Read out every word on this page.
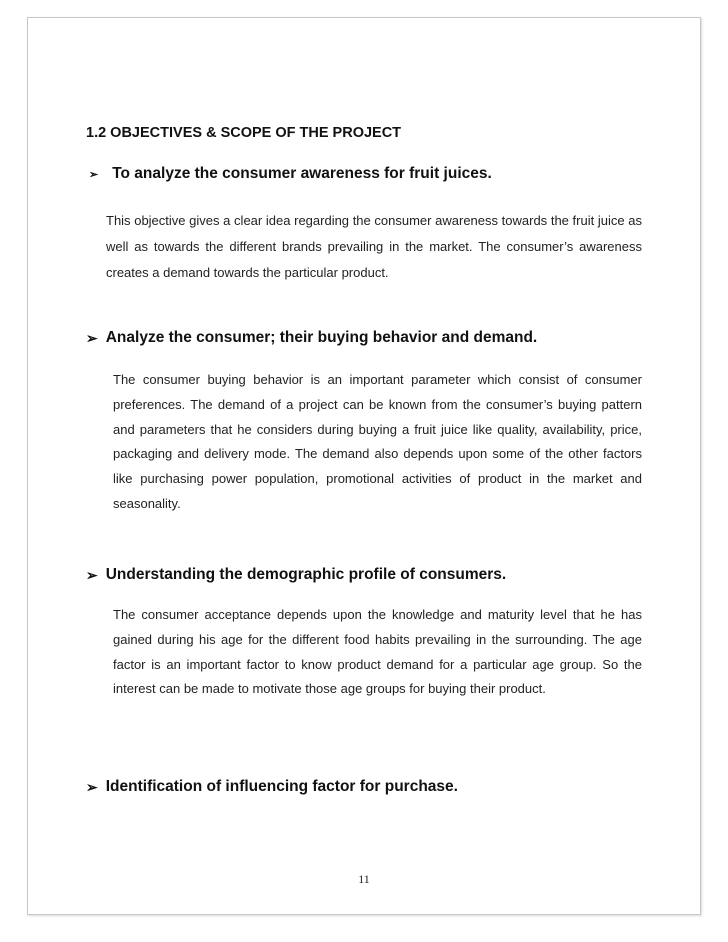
1.2 OBJECTIVES & SCOPE OF THE PROJECT
➢ To analyze the consumer awareness for fruit juices.

This objective gives a clear idea regarding the consumer awareness towards the fruit juice as well as towards the different brands prevailing in the market. The consumer’s awareness creates a demand towards the particular product.

➢ Analyze the consumer; their buying behavior and demand.

The consumer buying behavior is an important parameter which consist of consumer preferences. The demand of a project can be known from the consumer’s buying pattern and parameters that he considers during buying a fruit juice like quality, availability, price, packaging and delivery mode. The demand also depends upon some of the other factors like purchasing power population, promotional activities of product in the market and seasonality.

➢ Understanding the demographic profile of consumers.

The consumer acceptance depends upon the knowledge and maturity level that he has gained during his age for the different food habits prevailing in the surrounding. The age factor is an important factor to know product demand for a particular age group. So the interest can be made to motivate those age groups for buying their product.

➢ Identification of influencing factor for purchase.
11
